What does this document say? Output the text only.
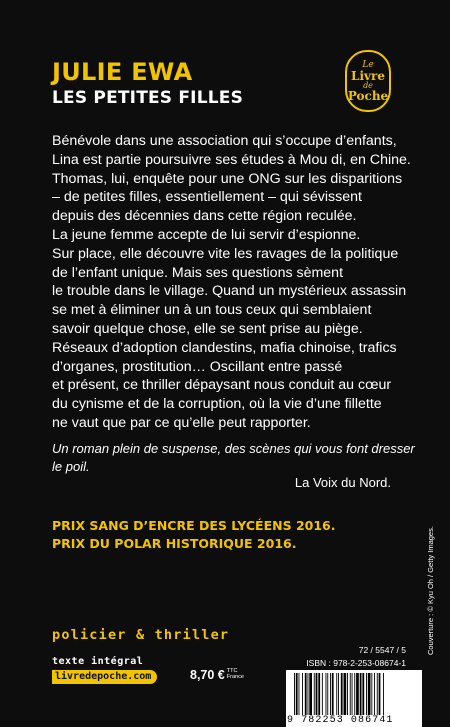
JULIE EWA
LES PETITES FILLES
Le
Livre
de
Poche
Bénévole dans une association qui s’occupe d’enfants,
Lina est partie poursuivre ses études à Mou di, en Chine.
Thomas, lui, enquête pour une ONG sur les disparitions
– de petites filles, essentiellement – qui sévissent
depuis des décennies dans cette région reculée.
La jeune femme accepte de lui servir d’espionne.
Sur place, elle découvre vite les ravages de la politique
de l’enfant unique. Mais ses questions sèment
le trouble dans le village. Quand un mystérieux assassin
se met à éliminer un à un tous ceux qui semblaient
savoir quelque chose, elle se sent prise au piège.
Réseaux d’adoption clandestins, mafia chinoise, trafics
d’organes, prostitution… Oscillant entre passé
et présent, ce thriller dépaysant nous conduit au cœur
du cynisme et de la corruption, où la vie d’une fillette
ne vaut que par ce qu’elle peut rapporter.
Un roman plein de suspense, des scènes qui vous font dresser
le poil.
La Voix du Nord.
PRIX SANG D’ENCRE DES LYCÉENS 2016.
PRIX DU POLAR HISTORIQUE 2016.
policier & thriller
texte intégral
livredepoche.com	8,70 € TTC
France
72 / 5547 / 5
ISBN : 978-2-253-08674-1
9 782253 086741
Couverture : © Kyu Oh / Getty Images.
